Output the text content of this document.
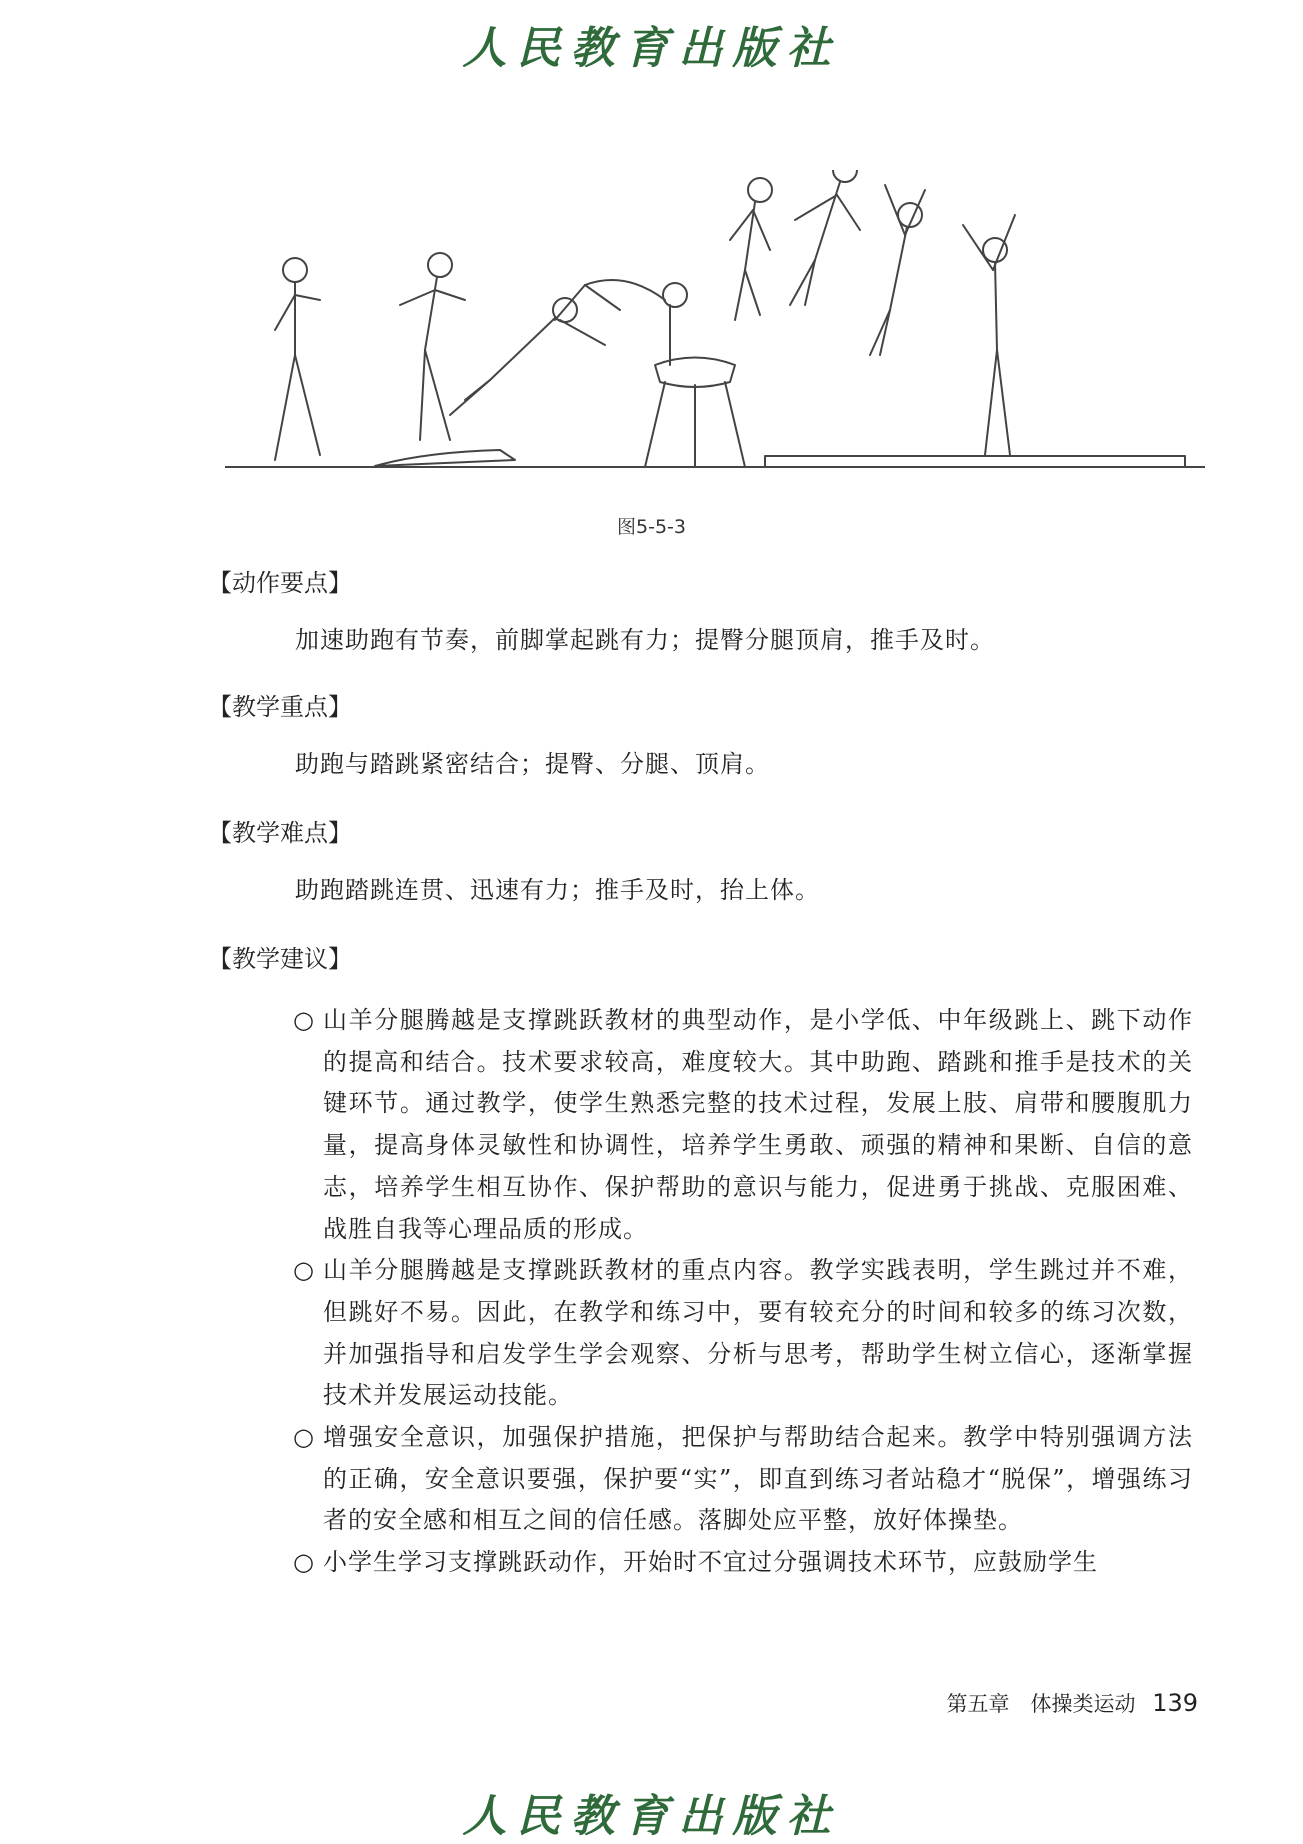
人民教育出版社
图5-5-3
【动作要点】
加速助跑有节奏，前脚掌起跳有力；提臀分腿顶肩，推手及时。
【教学重点】
助跑与踏跳紧密结合；提臀、分腿、顶肩。
【教学难点】
助跑踏跳连贯、迅速有力；推手及时，抬上体。
【教学建议】
○ 山羊分腿腾越是支撑跳跃教材的典型动作，是小学低、中年级跳上、跳下动作的提高和结合。技术要求较高，难度较大。其中助跑、踏跳和推手是技术的关键环节。通过教学，使学生熟悉完整的技术过程，发展上肢、肩带和腰腹肌力量，提高身体灵敏性和协调性，培养学生勇敢、顽强的精神和果断、自信的意志，培养学生相互协作、保护帮助的意识与能力，促进勇于挑战、克服困难、战胜自我等心理品质的形成。
○ 山羊分腿腾越是支撑跳跃教材的重点内容。教学实践表明，学生跳过并不难，但跳好不易。因此，在教学和练习中，要有较充分的时间和较多的练习次数，并加强指导和启发学生学会观察、分析与思考，帮助学生树立信心，逐渐掌握技术并发展运动技能。
○ 增强安全意识，加强保护措施，把保护与帮助结合起来。教学中特别强调方法的正确，安全意识要强，保护要“实”，即直到练习者站稳才“脱保”，增强练习者的安全感和相互之间的信任感。落脚处应平整，放好体操垫。
○ 小学生学习支撑跳跃动作，开始时不宜过分强调技术环节，应鼓励学生
第五章　体操类运动 139
人民教育出版社
